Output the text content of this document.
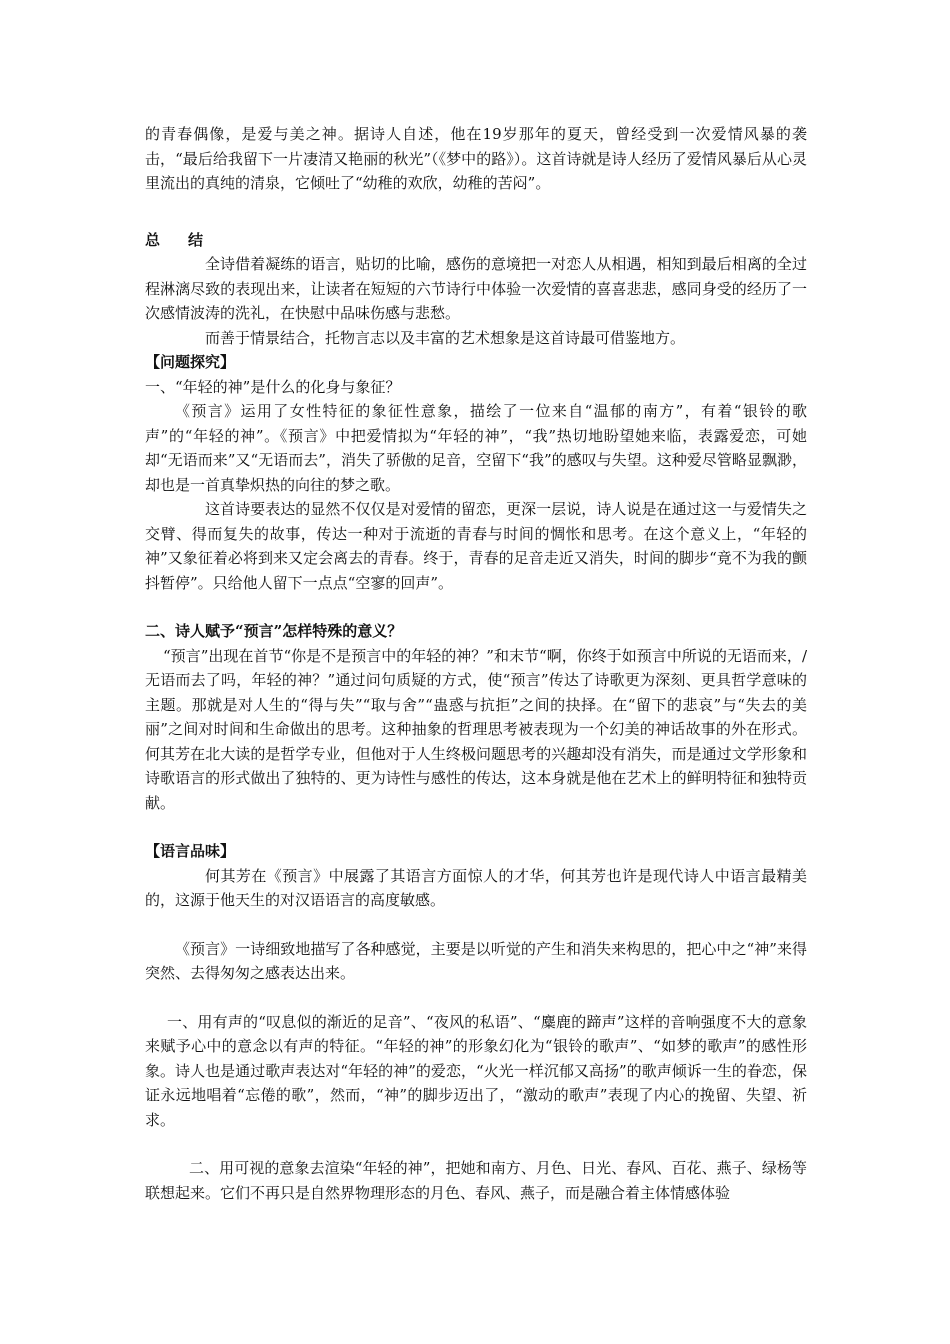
的青春偶像，是爱与美之神。据诗人自述，他在19岁那年的夏天，曾经受到一次爱情风暴的袭击，“最后给我留下一片凄清又艳丽的秋光”（《梦中的路》）。这首诗就是诗人经历了爱情风暴后从心灵里流出的真纯的清泉，它倾吐了“幼稚的欢欣，幼稚的苦闷”。

总 结

全诗借着凝练的语言，贴切的比喻，感伤的意境把一对恋人从相遇，相知到最后相离的全过程淋漓尽致的表现出来，让读者在短短的六节诗行中体验一次爱情的喜喜悲悲，感同身受的经历了一次感情波涛的洗礼，在快慰中品味伤感与悲愁。

而善于情景结合，托物言志以及丰富的艺术想象是这首诗最可借鉴地方。

【问题探究】

一、“年轻的神”是什么的化身与象征？

《预言》运用了女性特征的象征性意象，描绘了一位来自“温郁的南方”，有着“银铃的歌声”的“年轻的神”。《预言》中把爱情拟为“年轻的神”，“我”热切地盼望她来临，表露爱恋，可她却“无语而来”又“无语而去”，消失了骄傲的足音，空留下“我”的感叹与失望。这种爱尽管略显飘渺，却也是一首真挚炽热的向往的梦之歌。

这首诗要表达的显然不仅仅是对爱情的留恋，更深一层说，诗人说是在通过这一与爱情失之交臂、得而复失的故事，传达一种对于流逝的青春与时间的惆怅和思考。在这个意义上，“年轻的神”又象征着必将到来又定会离去的青春。终于，青春的足音走近又消失，时间的脚步“竟不为我的颤抖暂停”。只给他人留下一点点“空寥的回声”。

二、诗人赋予“预言”怎样特殊的意义？

“预言”出现在首节“你是不是预言中的年轻的神？”和末节“啊，你终于如预言中所说的无语而来，/无语而去了吗，年轻的神？”通过问句质疑的方式，使“预言”传达了诗歌更为深刻、更具哲学意味的主题。那就是对人生的“得与失”“取与舍”“蛊惑与抗拒”之间的抉择。在“留下的悲哀”与“失去的美丽”之间对时间和生命做出的思考。这种抽象的哲理思考被表现为一个幻美的神话故事的外在形式。何其芳在北大读的是哲学专业，但他对于人生终极问题思考的兴趣却没有消失，而是通过文学形象和诗歌语言的形式做出了独特的、更为诗性与感性的传达，这本身就是他在艺术上的鲜明特征和独特贡献。

【语言品味】

何其芳在《预言》中展露了其语言方面惊人的才华，何其芳也许是现代诗人中语言最精美的，这源于他天生的对汉语语言的高度敏感。

《预言》一诗细致地描写了各种感觉，主要是以听觉的产生和消失来构思的，把心中之“神”来得突然、去得匆匆之感表达出来。

一、用有声的“叹息似的渐近的足音”、“夜风的私语”、“麋鹿的蹄声”这样的音响强度不大的意象来赋予心中的意念以有声的特征。“年轻的神”的形象幻化为“银铃的歌声”、“如梦的歌声”的感性形象。诗人也是通过歌声表达对“年轻的神”的爱恋，“火光一样沉郁又高扬”的歌声倾诉一生的眷恋，保证永远地唱着“忘倦的歌”，然而，“神”的脚步迈出了，“激动的歌声”表现了内心的挽留、失望、祈求。

二、用可视的意象去渲染“年轻的神”，把她和南方、月色、日光、春风、百花、燕子、绿杨等联想起来。它们不再只是自然界物理形态的月色、春风、燕子，而是融合着主体情感体验
